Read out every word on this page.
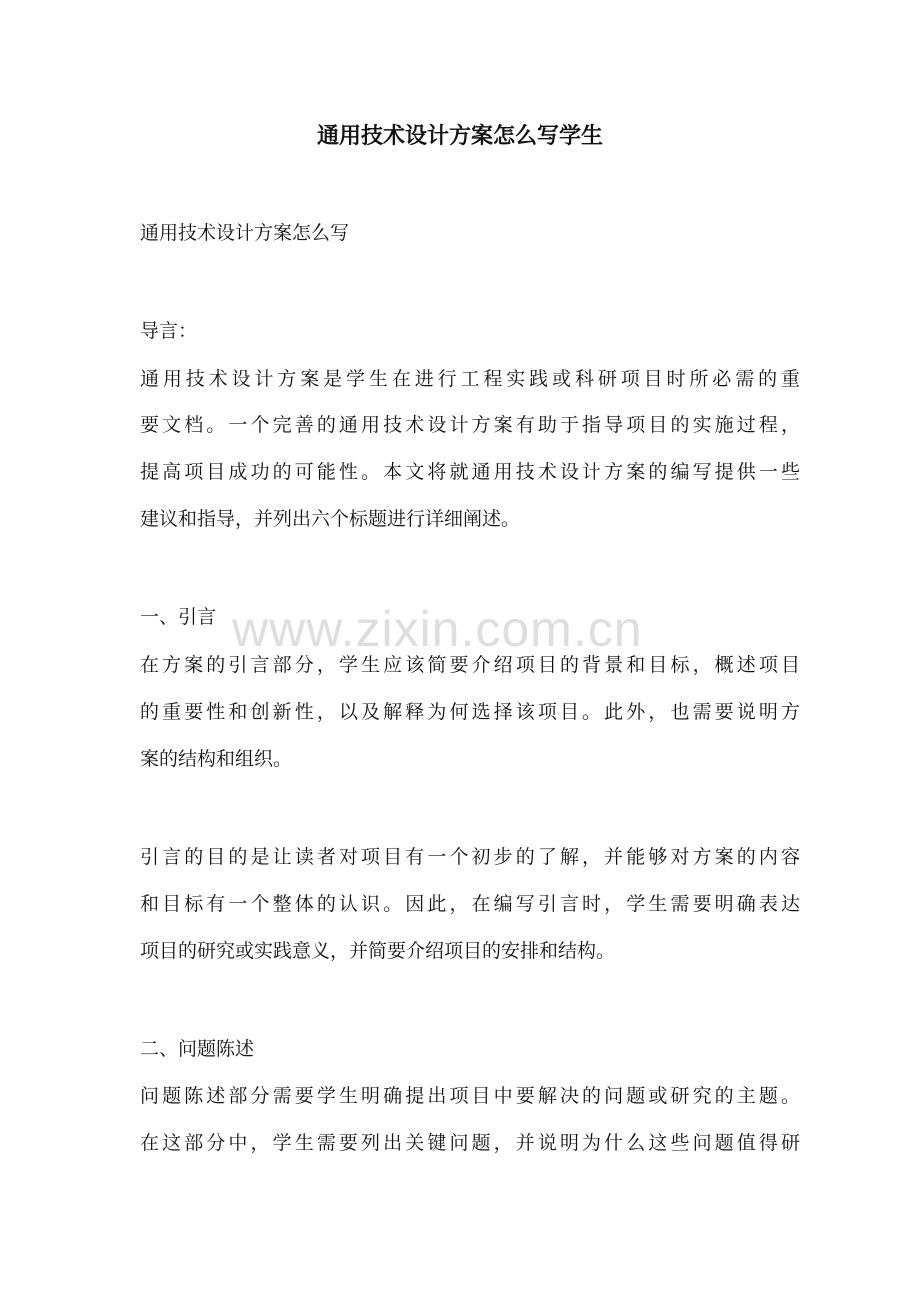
通用技术设计方案怎么写学生

通用技术设计方案怎么写

导言：

通用技术设计方案是学生在进行工程实践或科研项目时所必需的重

要文档。一个完善的通用技术设计方案有助于指导项目的实施过程，

提高项目成功的可能性。本文将就通用技术设计方案的编写提供一些

建议和指导，并列出六个标题进行详细阐述。

一、引言

在方案的引言部分，学生应该简要介绍项目的背景和目标，概述项目

的重要性和创新性，以及解释为何选择该项目。此外，也需要说明方

案的结构和组织。

引言的目的是让读者对项目有一个初步的了解，并能够对方案的内容

和目标有一个整体的认识。因此，在编写引言时，学生需要明确表达

项目的研究或实践意义，并简要介绍项目的安排和结构。

二、问题陈述

问题陈述部分需要学生明确提出项目中要解决的问题或研究的主题。

在这部分中，学生需要列出关键问题，并说明为什么这些问题值得研

www.zixin.com.cn
